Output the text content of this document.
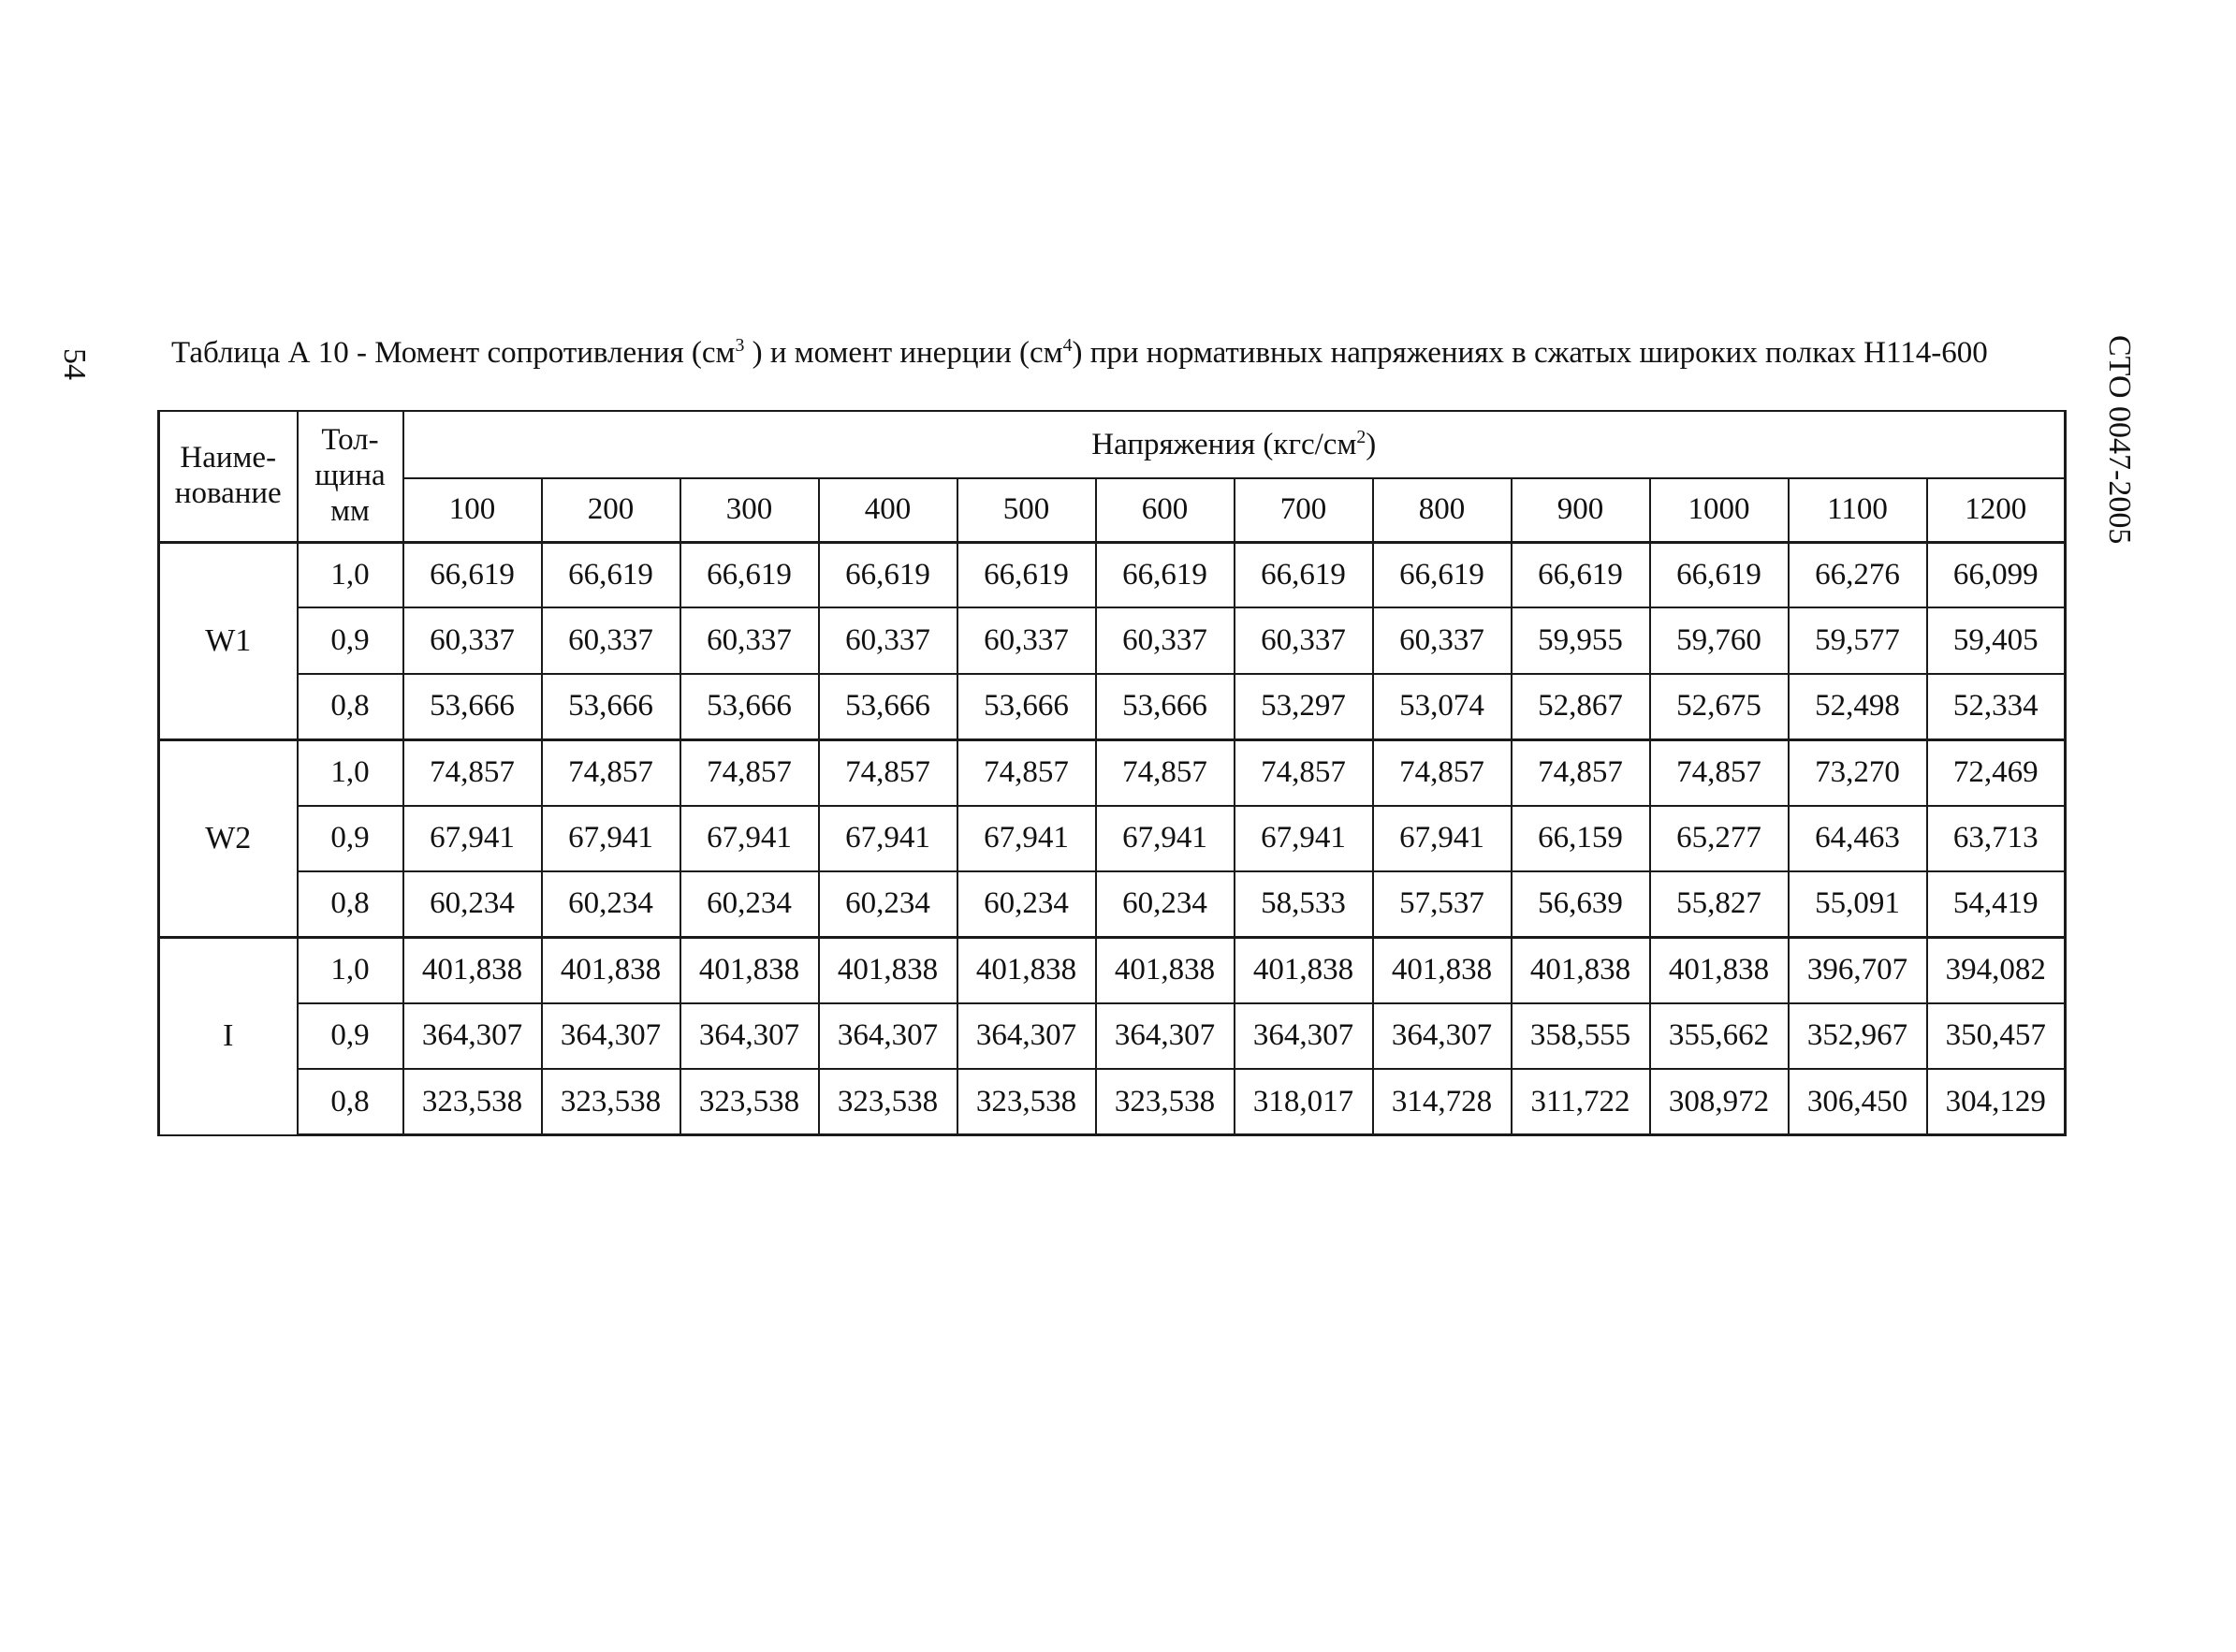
54	СТО 0047-2005
Таблица А 10 - Момент сопротивления ($см^3$ ) и момент инерции $(см^4)$ при нормативных напряжениях в сжатых широких полках Н114-600
Наиме-
нование	Тол-
щина
мм	Напряжения $(кгс/см^2)$											
		100	200	300	400	500	600	700	800	900	1000	1100	1200
W1	1,0	66,619	66,619	66,619	66,619	66,619	66,619	66,619	66,619	66,619	66,619	66,276	66,099
	0,9	60,337	60,337	60,337	60,337	60,337	60,337	60,337	60,337	59,955	59,760	59,577	59,405
	0,8	53,666	53,666	53,666	53,666	53,666	53,666	53,297	53,074	52,867	52,675	52,498	52,334
W2	1,0	74,857	74,857	74,857	74,857	74,857	74,857	74,857	74,857	74,857	74,857	73,270	72,469
	0,9	67,941	67,941	67,941	67,941	67,941	67,941	67,941	67,941	66,159	65,277	64,463	63,713
	0,8	60,234	60,234	60,234	60,234	60,234	60,234	58,533	57,537	56,639	55,827	55,091	54,419
I	1,0	401,838	401,838	401,838	401,838	401,838	401,838	401,838	401,838	401,838	401,838	396,707	394,082
	0,9	364,307	364,307	364,307	364,307	364,307	364,307	364,307	364,307	358,555	355,662	352,967	350,457
	0,8	323,538	323,538	323,538	323,538	323,538	323,538	318,017	314,728	311,722	308,972	306,450	304,129
